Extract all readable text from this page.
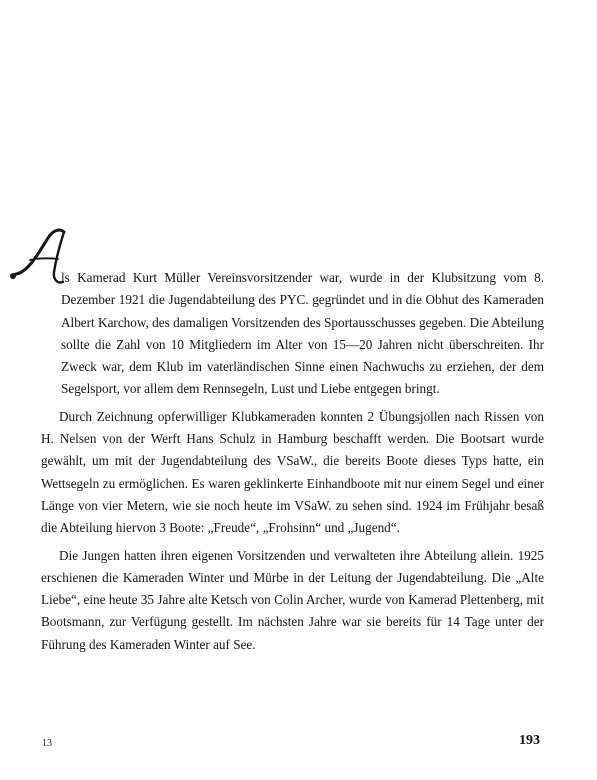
ls Kamerad Kurt Müller Vereinsvorsitzender war, wurde in der Klubsitzung vom 8. Dezember 1921 die Jugendabteilung des PYC. gegründet und in die Obhut des Kameraden Albert Karchow, des damaligen Vorsitzenden des Sportausschusses gegeben. Die Abteilung sollte die Zahl von 10 Mitgliedern im Alter von 15—20 Jahren nicht überschreiten. Ihr Zweck war, dem Klub im vaterländischen Sinne einen Nachwuchs zu erziehen, der dem Segelsport, vor allem dem Rennsegeln, Lust und Liebe entgegen bringt.

Durch Zeichnung opferwilliger Klubkameraden konnten 2 Übungsjollen nach Rissen von H. Nelsen von der Werft Hans Schulz in Hamburg beschafft werden. Die Bootsart wurde gewählt, um mit der Jugendabteilung des VSaW., die bereits Boote dieses Typs hatte, ein Wettsegeln zu ermöglichen. Es waren geklinkerte Einhandboote mit nur einem Segel und einer Länge von vier Metern, wie sie noch heute im VSaW. zu sehen sind. 1924 im Frühjahr besaß die Abteilung hiervon 3 Boote: „Freude“, „Frohsinn“ und „Jugend“.

Die Jungen hatten ihren eigenen Vorsitzenden und verwalteten ihre Abteilung allein. 1925 erschienen die Kameraden Winter und Mürbe in der Leitung der Jugendabteilung. Die „Alte Liebe“, eine heute 35 Jahre alte Ketsch von Colin Archer, wurde von Kamerad Plettenberg, mit Bootsmann, zur Verfügung gestellt. Im nächsten Jahre war sie bereits für 14 Tage unter der Führung des Kameraden Winter auf See.

13	193
